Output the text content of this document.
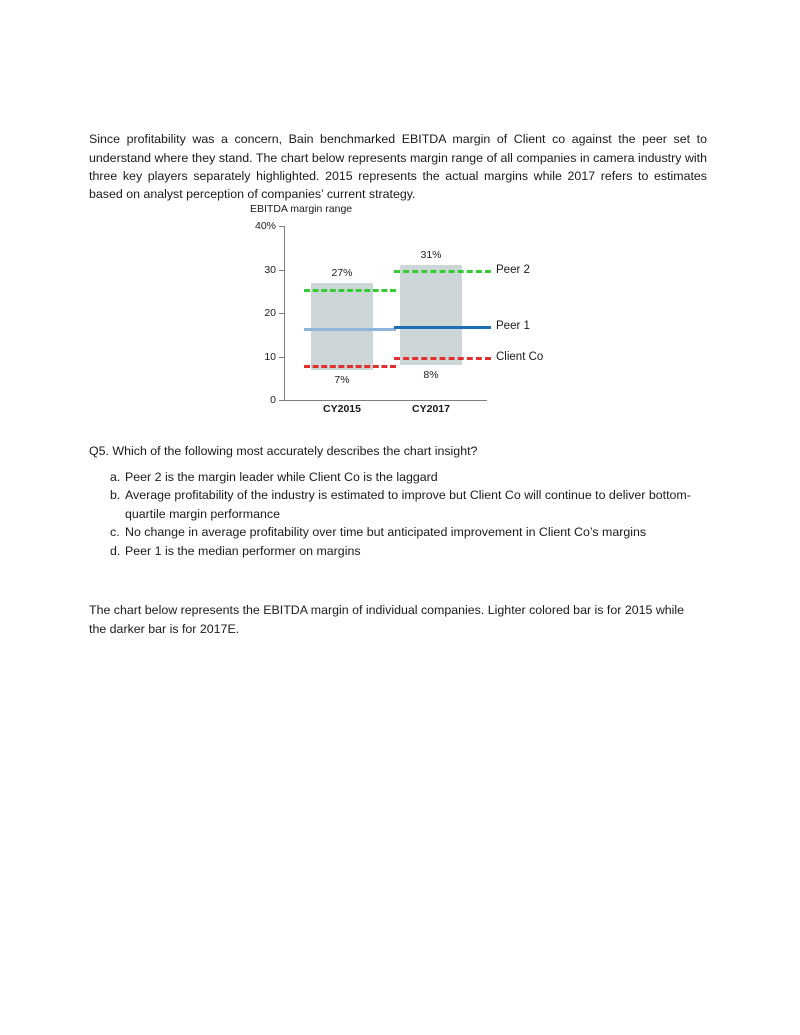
Since profitability was a concern, Bain benchmarked EBITDA margin of Client co against the peer set to understand where they stand. The chart below represents margin range of all companies in camera industry with three key players separately highlighted. 2015 represents the actual margins while 2017 refers to estimates based on analyst perception of companies’ current strategy.

EBITDA margin range
0
10
20
30
40%
CY2015	CY2017
27%
7%
31%
8%
Peer 2
Peer 1
Client Co
Q5. Which of the following most accurately describes the chart insight?
a. Peer 2 is the margin leader while Client Co is the laggard
b. Average profitability of the industry is estimated to improve but Client Co will continue to deliver bottom-quartile margin performance
c. No change in average profitability over time but anticipated improvement in Client Co’s margins
d. Peer 1 is the median performer on margins

The chart below represents the EBITDA margin of individual companies. Lighter colored bar is for 2015 while the darker bar is for 2017E.
